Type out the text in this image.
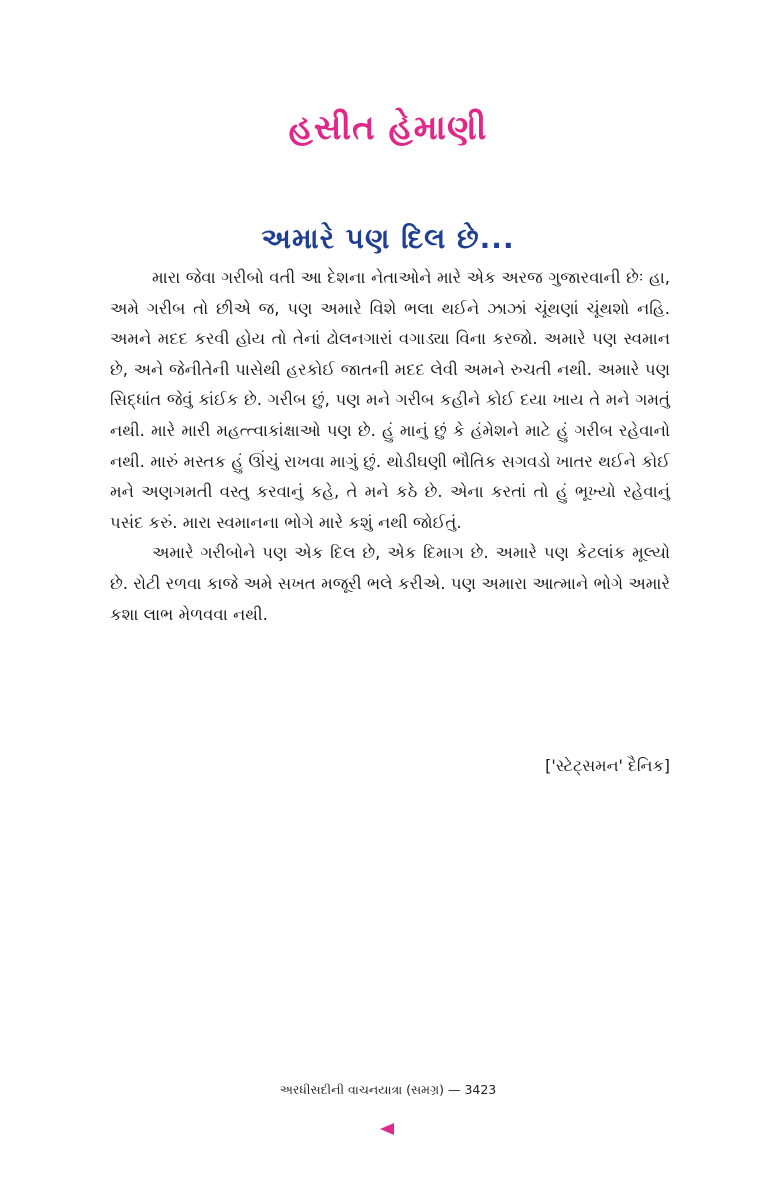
હસીત હેમાણી
અમારે પણ દિલ છે...

મારા જેવા ગરીબો વતી આ દેશના નેતાઓને મારે એક અરજ ગુજારવાની છેઃ હા, અમે ગરીબ તો છીએ જ, પણ અમારે વિશે ભલા થઈને ઝાઝાં ચૂંથણાં ચૂંથશો નહિ. અમને મદદ કરવી હોય તો તેનાં ઢોલનગારાં વગાડ્યા વિના કરજો. અમારે પણ સ્વમાન છે, અને જેનીતેની પાસેથી હરકોઈ જાતની મદદ લેવી અમને રુચતી નથી. અમારે પણ સિદ્ધાંત જેવું કાંઈક છે. ગરીબ છું, પણ મને ગરીબ કહીને કોઈ દયા ખાય તે મને ગમતું નથી. મારે મારી મહત્ત્વાકાંક્ષાઓ પણ છે. હું માનું છું કે હંમેશને માટે હું ગરીબ રહેવાનો નથી. મારું મસ્તક હું ઊંચું રાખવા માગું છું. થોડીઘણી ભૌતિક સગવડો ખાતર થઈને કોઈ મને અણગમતી વસ્તુ કરવાનું કહે, તે મને કઠે છે. એના કરતાં તો હું ભૂખ્યો રહેવાનું પસંદ કરું. મારા સ્વમાનના ભોગે મારે કશું નથી જોઈતું.

અમારે ગરીબોને પણ એક દિલ છે, એક દિમાગ છે. અમારે પણ કેટલાંક મૂલ્યો છે. રોટી રળવા કાજે અમે સખત મજૂરી ભલે કરીએ. પણ અમારા આત્માને ભોગે અમારે કશા લાભ મેળવવા નથી.

['સ્ટેટ્સમન' દૈનિક]
અરધીસદીની વાચનયાત્રા (સમગ્ર) — 3423
